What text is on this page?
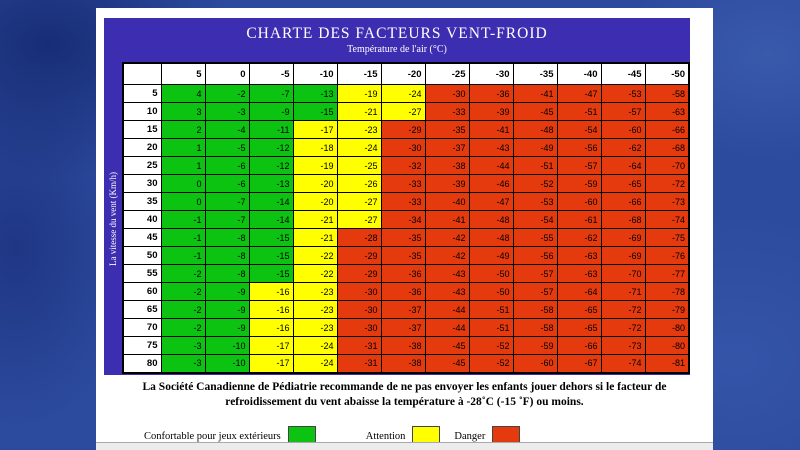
CHARTE DES FACTEURS VENT-FROID
Température de l'air (°C)
La vitesse du vent (Km/h)
	5	0	-5	-10	-15	-20	-25	-30	-35	-40	-45	-50
5	4	-2	-7	-13	-19	-24	-30	-36	-41	-47	-53	-58
10	3	-3	-9	-15	-21	-27	-33	-39	-45	-51	-57	-63
15	2	-4	-11	-17	-23	-29	-35	-41	-48	-54	-60	-66
20	1	-5	-12	-18	-24	-30	-37	-43	-49	-56	-62	-68
25	1	-6	-12	-19	-25	-32	-38	-44	-51	-57	-64	-70
30	0	-6	-13	-20	-26	-33	-39	-46	-52	-59	-65	-72
35	0	-7	-14	-20	-27	-33	-40	-47	-53	-60	-66	-73
40	-1	-7	-14	-21	-27	-34	-41	-48	-54	-61	-68	-74
45	-1	-8	-15	-21	-28	-35	-42	-48	-55	-62	-69	-75
50	-1	-8	-15	-22	-29	-35	-42	-49	-56	-63	-69	-76
55	-2	-8	-15	-22	-29	-36	-43	-50	-57	-63	-70	-77
60	-2	-9	-16	-23	-30	-36	-43	-50	-57	-64	-71	-78
65	-2	-9	-16	-23	-30	-37	-44	-51	-58	-65	-72	-79
70	-2	-9	-16	-23	-30	-37	-44	-51	-58	-65	-72	-80
75	-3	-10	-17	-24	-31	-38	-45	-52	-59	-66	-73	-80
80	-3	-10	-17	-24	-31	-38	-45	-52	-60	-67	-74	-81
La Société Canadienne de Pédiatrie recommande de ne pas envoyer les enfants jouer dehors si le facteur de
refroidissement du vent abaisse la température à -28˚C (-15 ˚F) ou moins.
Confortable pour jeux extérieurs	Attention	Danger
